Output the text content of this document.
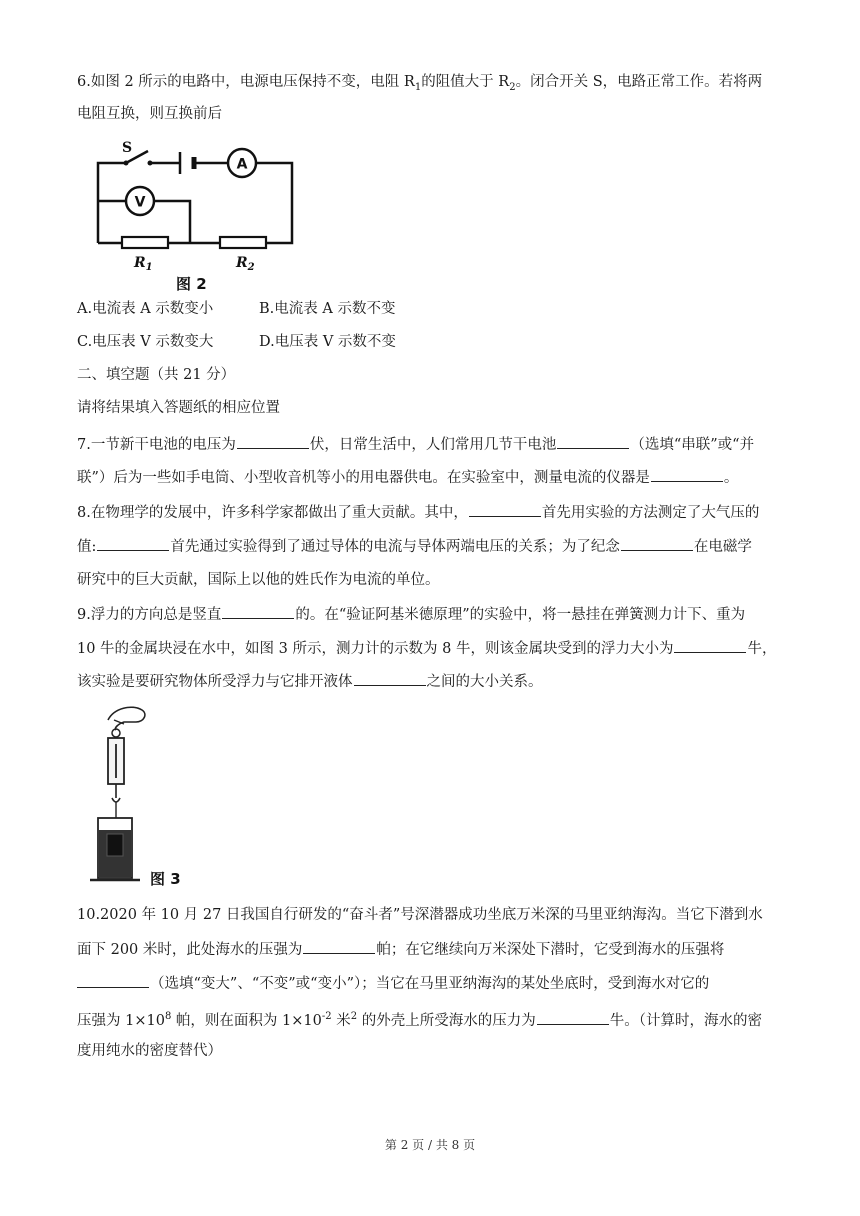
6.如图 2 所示的电路中，电源电压保持不变，电阻 $R_1$的阻值大于 $R_2$。闭合开关 S，电路正常工作。若将两
电阻互换，则互换前后
A
V
S
$R_1$	$R_2$
图 2
A.电流表 A 示数变小	B.电流表 A 示数不变
C.电压表 V 示数变大	D.电压表 V 示数不变
二、填空题（共 21 分）
请将结果填入答题纸的相应位置
7.一节新干电池的电压为	伏，日常生活中，人们常用几节干电池	（选填“串联”或“并
联”）后为一些如手电筒、小型收音机等小的用电器供电。在实验室中，测量电流的仪器是	。
8.在物理学的发展中，许多科学家都做出了重大贡献。其中，	首先用实验的方法测定了大气压的
值:	首先通过实验得到了通过导体的电流与导体两端电压的关系；为了纪念	在电磁学
研究中的巨大贡献，国际上以他的姓氏作为电流的单位。
9.浮力的方向总是竖直	的。在“验证阿基米德原理”的实验中，将一悬挂在弹簧测力计下、重为
10 牛的金属块浸在水中，如图 3 所示，测力计的示数为 8 牛，则该金属块受到的浮力大小为	牛，
该实验是要研究物体所受浮力与它排开液体	之间的大小关系。
图 3
10.2020 年 10 月 27 日我国自行研发的“奋斗者”号深潜器成功坐底万米深的马里亚纳海沟。当它下潜到水
面下 200 米时，此处海水的压强为	帕；在它继续向万米深处下潜时，它受到海水的压强将
（选填“变大”、“不变”或“变小”）；当它在马里亚纳海沟的某处坐底时，受到海水对它的
压强为 $1\times 10^8$ 帕，则在面积为 $1\times 10^{-2}$ 米$^2$ 的外壳上所受海水的压力为	牛。（计算时，海水的密
度用纯水的密度替代）
第 2 页 / 共 8 页
